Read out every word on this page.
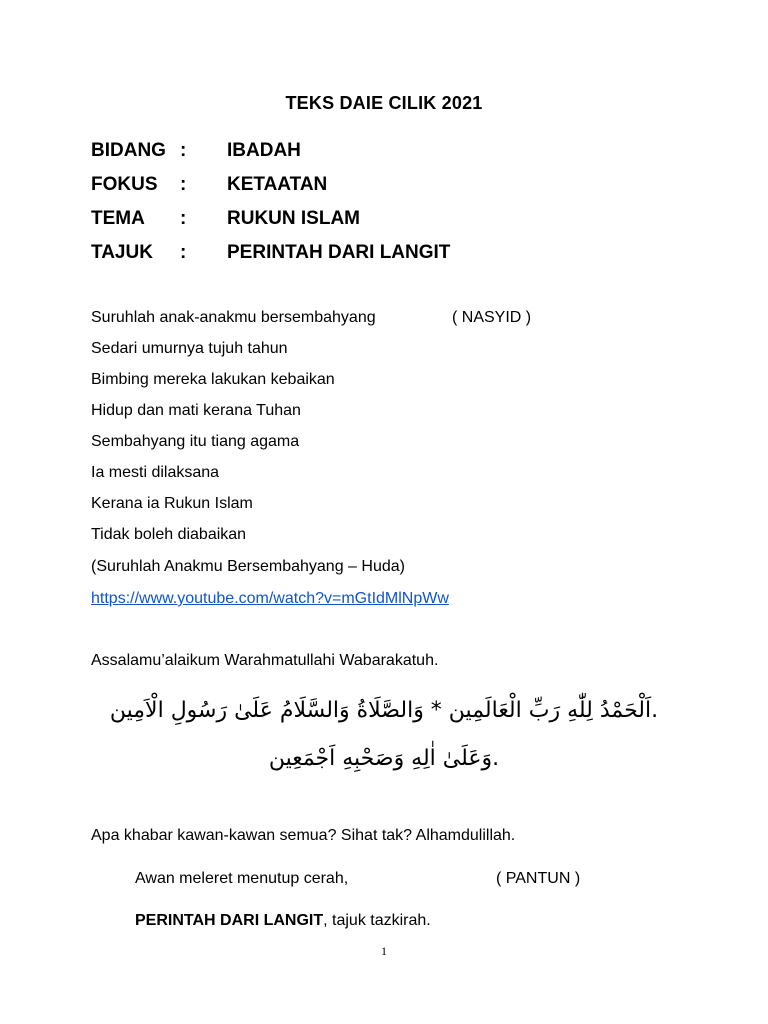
TEKS DAIE CILIK 2021
BIDANG : IBADAH
FOKUS : KETAATAN
TEMA : RUKUN ISLAM
TAJUK : PERINTAH DARI LANGIT
Suruhlah anak-anakmu bersembahyang	( NASYID )
Sedari umurnya tujuh tahun
Bimbing mereka lakukan kebaikan
Hidup dan mati kerana Tuhan
Sembahyang itu tiang agama
Ia mesti dilaksana
Kerana ia Rukun Islam
Tidak boleh diabaikan
(Suruhlah Anakmu Bersembahyang – Huda)
https://www.youtube.com/watch?v=mGtIdMlNpWw
Assalamu’alaikum Warahmatullahi Wabarakatuh.
.اَلْحَمْدُ لِلّٰهِ رَبِّ الْعَالَمِين * وَالصَّلَاةُ وَالسَّلَامُ عَلَىٰ رَسُولِ الْاَمِين
.وَعَلَىٰ اٰلِهِ وَصَحْبِهِ اَجْمَعِين
Apa khabar kawan-kawan semua? Sihat tak? Alhamdulillah.
Awan meleret menutup cerah,	( PANTUN )
PERINTAH DARI LANGIT, tajuk tazkirah.
1
